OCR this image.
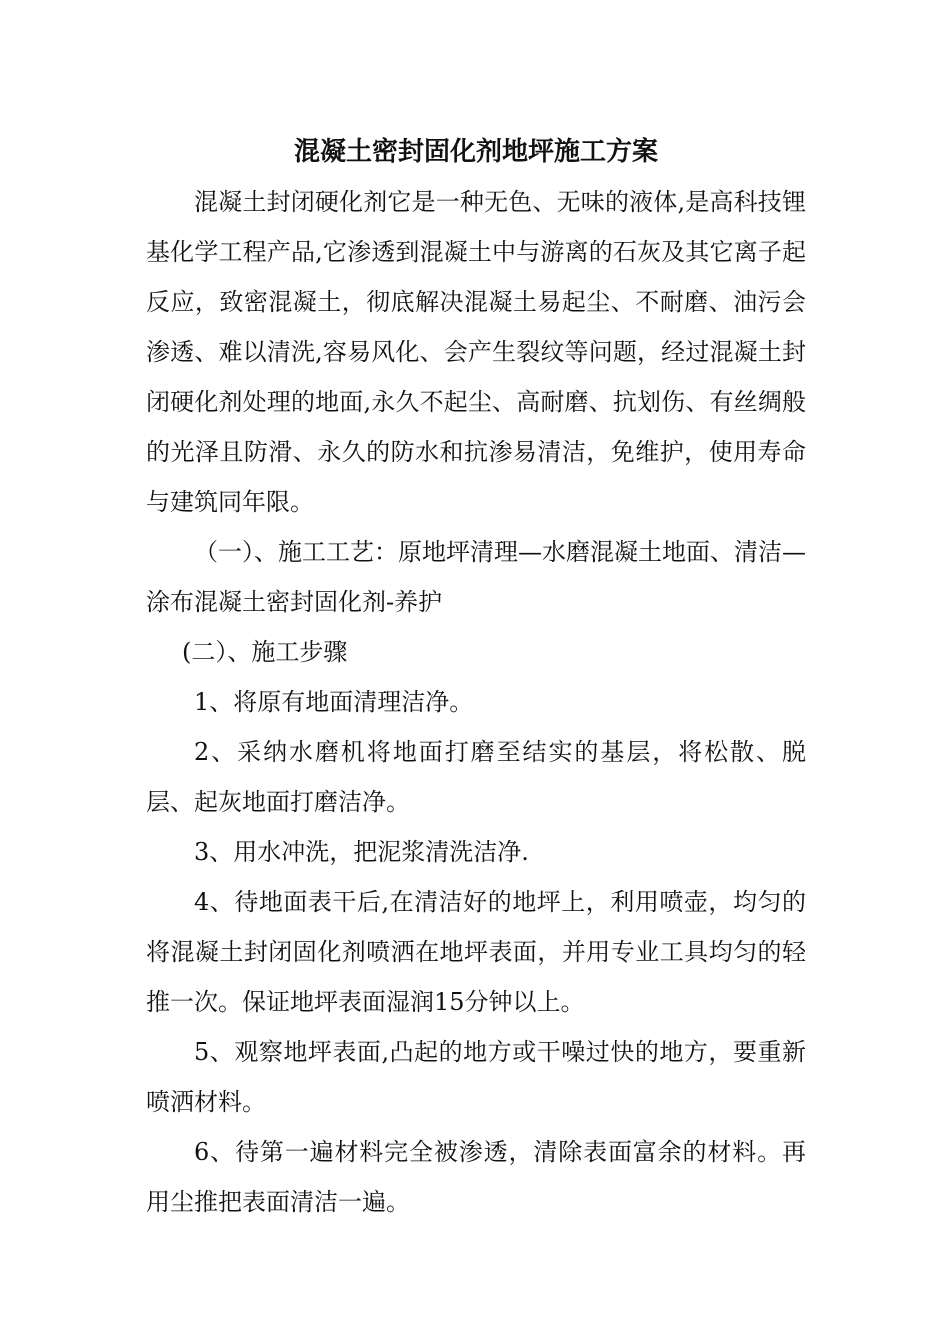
混凝土密封固化剂地坪施工方案

混凝土封闭硬化剂它是一种无色、无味的液体,是高科技锂基化学工程产品,它渗透到混凝土中与游离的石灰及其它离子起反应，致密混凝土，彻底解决混凝土易起尘、不耐磨、油污会渗透、难以清洗,容易风化、会产生裂纹等问题，经过混凝土封闭硬化剂处理的地面,永久不起尘、高耐磨、抗划伤、有丝绸般的光泽且防滑、永久的防水和抗渗易清洁，免维护，使用寿命与建筑同年限。

（一）、施工工艺：原地坪清理—水磨混凝土地面、清洁—涂布混凝土密封固化剂-养护

(二）、施工步骤

1、将原有地面清理洁净。

2、采纳水磨机将地面打磨至结实的基层，将松散、脱层、起灰地面打磨洁净。

3、用水冲洗，把泥浆清洗洁净.

4、待地面表干后,在清洁好的地坪上，利用喷壶，均匀的将混凝土封闭固化剂喷洒在地坪表面，并用专业工具均匀的轻推一次。保证地坪表面湿润15分钟以上。

5、观察地坪表面,凸起的地方或干噪过快的地方，要重新喷洒材料。

6、待第一遍材料完全被渗透，清除表面富余的材料。再用尘推把表面清洁一遍。
